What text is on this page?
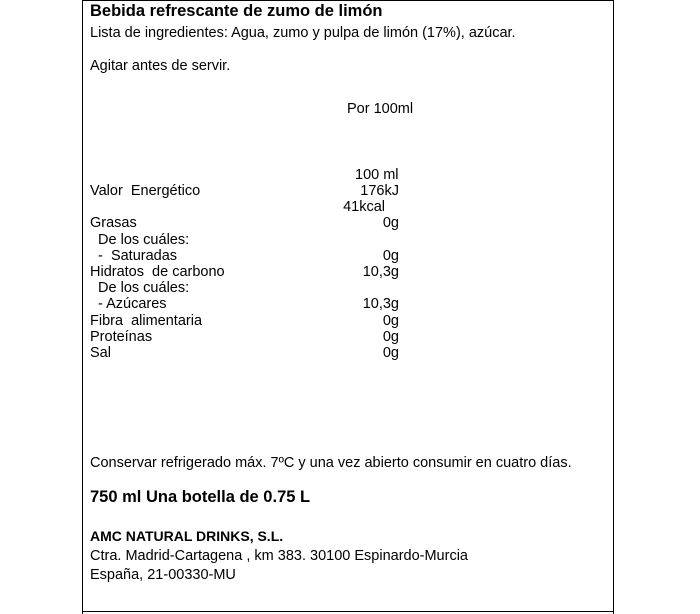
Bebida refrescante de zumo de limón
Lista de ingredientes: Agua, zumo y pulpa de limón (17%), azúcar.
Agitar antes de servir.
Por 100ml
100 ml
Valor  Energético	176kJ
41kcal
Grasas	0g
De los cuáles:
-  Saturadas	0g
Hidratos  de carbono	10,3g
De los cuáles:
- Azúcares	10,3g
Fibra  alimentaria	0g
Proteínas	0g
Sal	0g
Conservar refrigerado máx. 7ºC y una vez abierto consumir en cuatro días.
750 ml Una botella de 0.75 L
AMC NATURAL DRINKS, S.L.
Ctra. Madrid-Cartagena , km 383. 30100 Espinardo-Murcia
España, 21-00330-MU
